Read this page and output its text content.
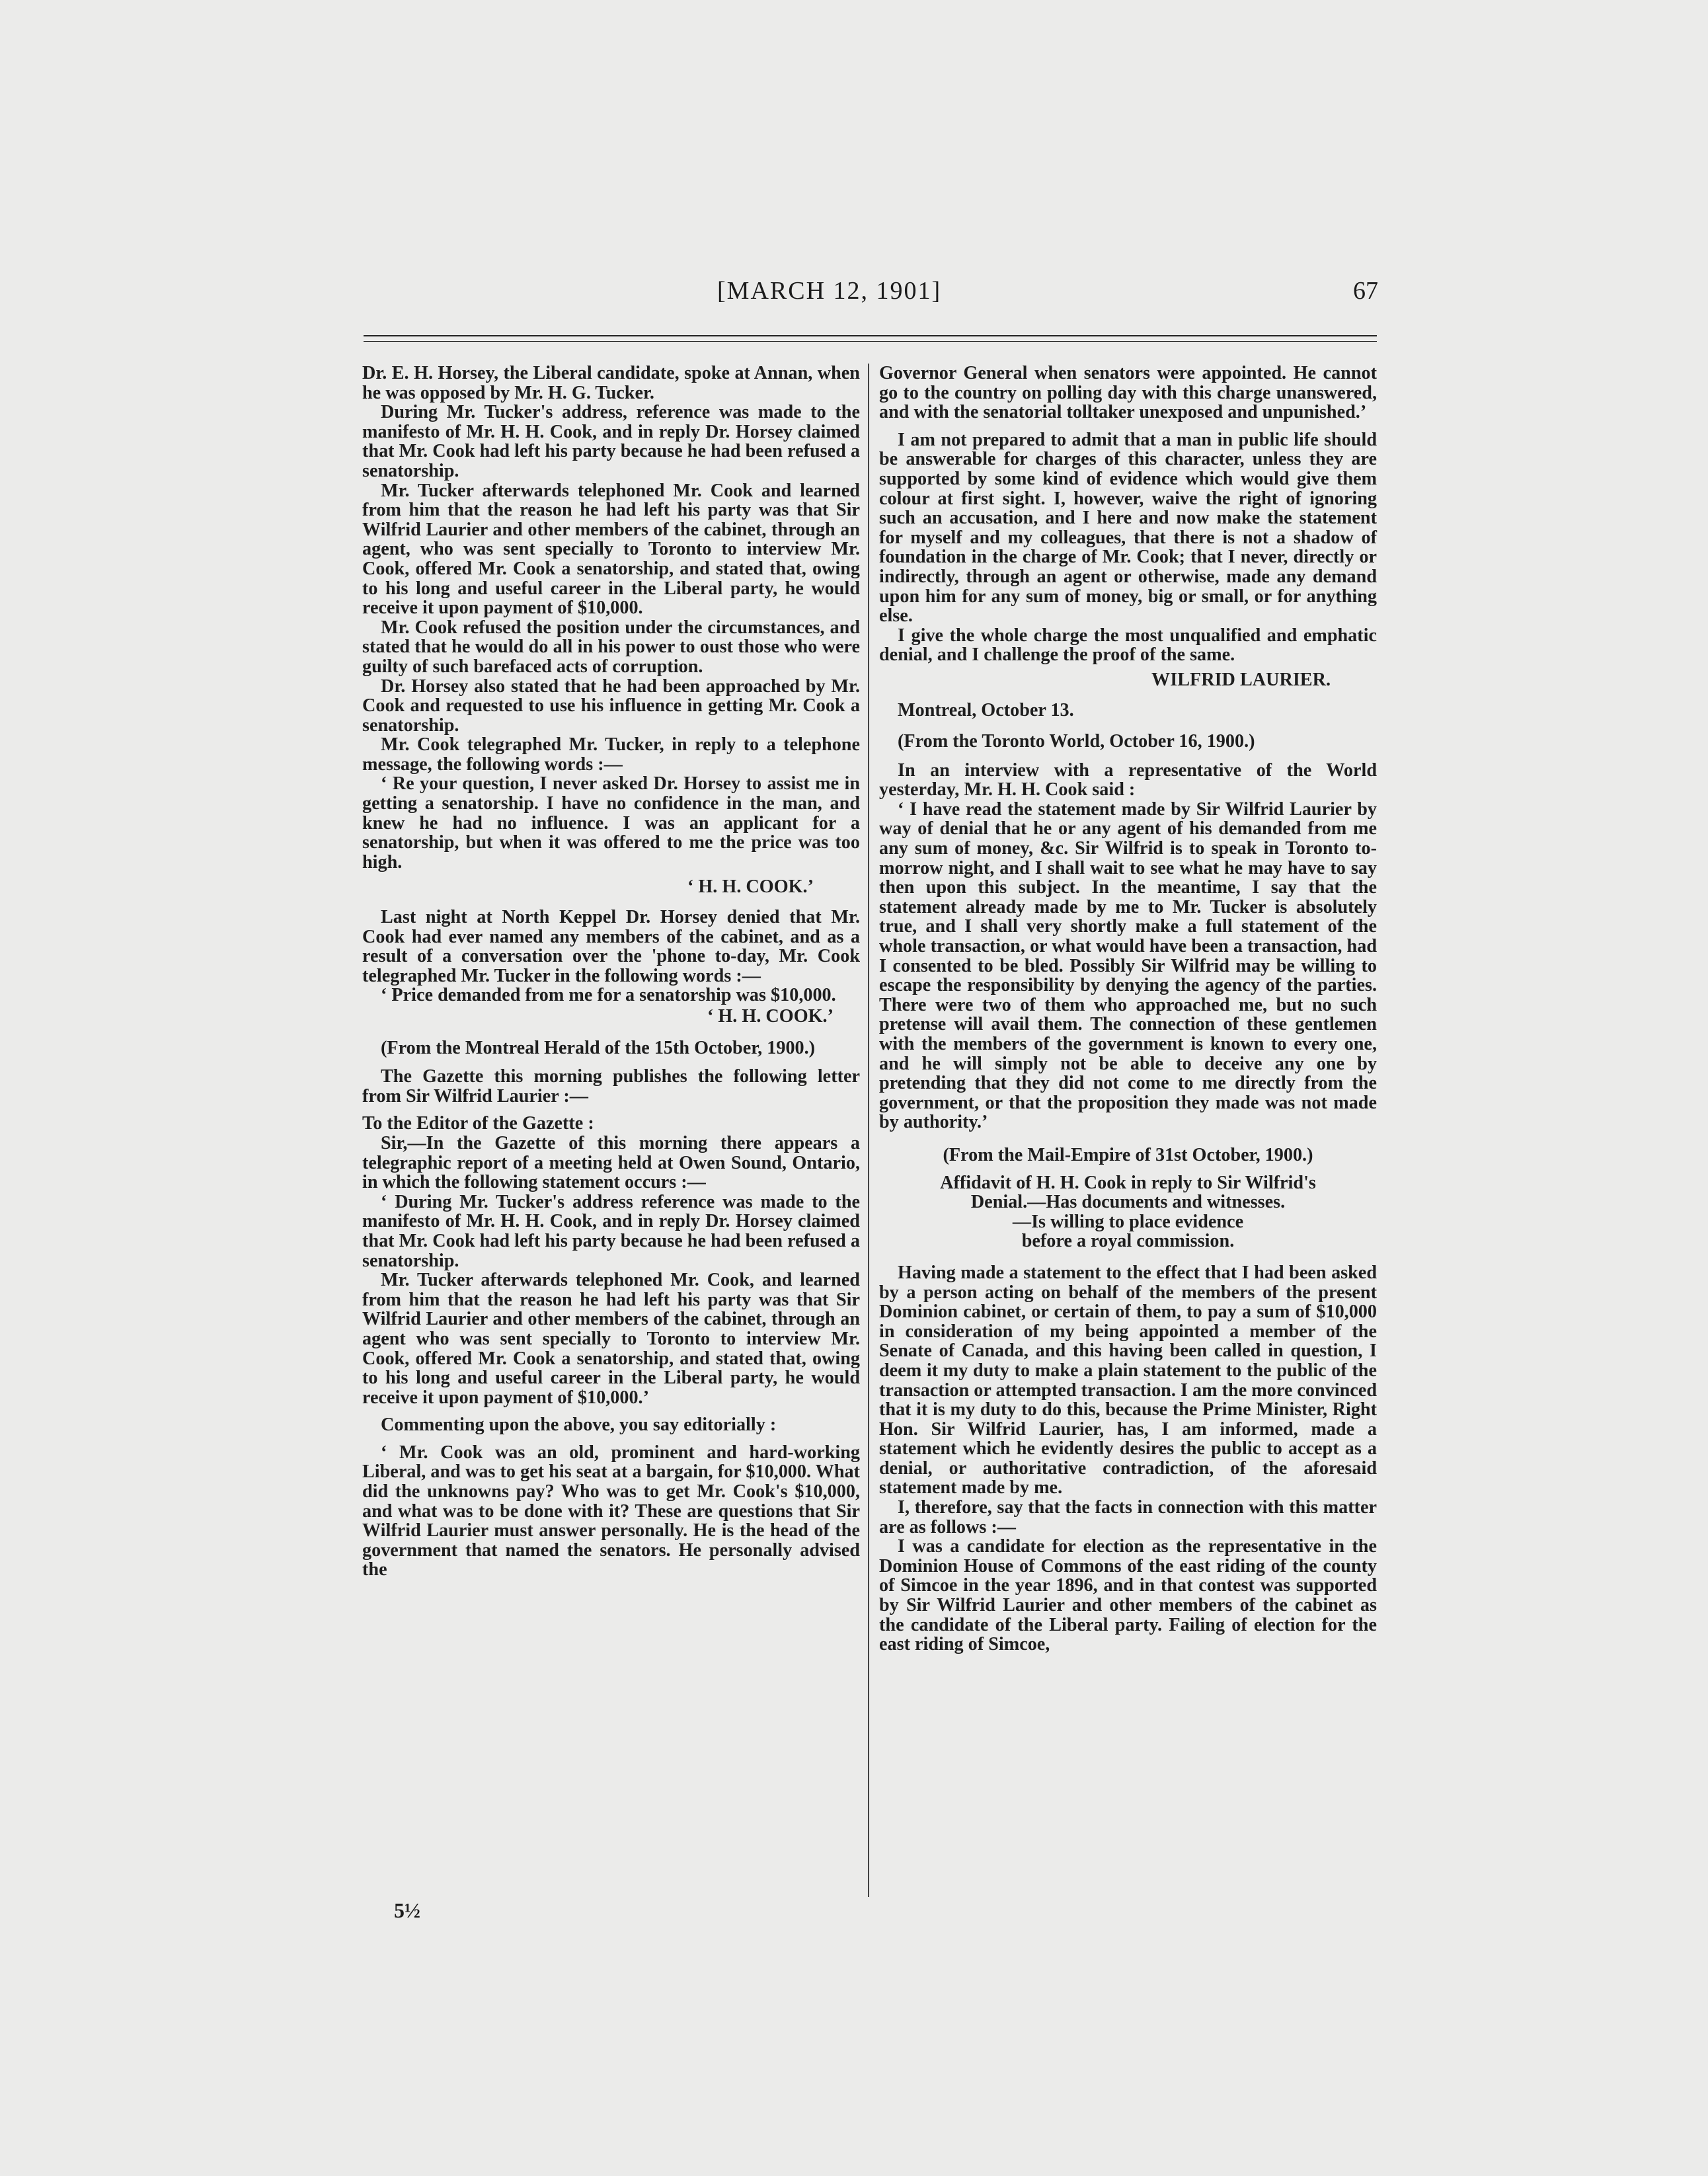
[MARCH 12, 1901]	67

Dr. E. H. Horsey, the Liberal candidate, spoke at Annan, when he was opposed by Mr. H. G. Tucker.

During Mr. Tucker's address, reference was made to the manifesto of Mr. H. H. Cook, and in reply Dr. Horsey claimed that Mr. Cook had left his party because he had been refused a senatorship.

Mr. Tucker afterwards telephoned Mr. Cook and learned from him that the reason he had left his party was that Sir Wilfrid Laurier and other members of the cabinet, through an agent, who was sent specially to Toronto to interview Mr. Cook, offered Mr. Cook a senatorship, and stated that, owing to his long and useful career in the Liberal party, he would receive it upon payment of $10,000.

Mr. Cook refused the position under the circumstances, and stated that he would do all in his power to oust those who were guilty of such barefaced acts of corruption.

Dr. Horsey also stated that he had been approached by Mr. Cook and requested to use his influence in getting Mr. Cook a senatorship.

Mr. Cook telegraphed Mr. Tucker, in reply to a telephone message, the following words :—

‘ Re your question, I never asked Dr. Horsey to assist me in getting a senatorship. I have no confidence in the man, and knew he had no influence. I was an applicant for a senatorship, but when it was offered to me the price was too high.

‘ H. H. COOK.’

Last night at North Keppel Dr. Horsey denied that Mr. Cook had ever named any members of the cabinet, and as a result of a conversation over the 'phone to-day, Mr. Cook telegraphed Mr. Tucker in the following words :—

‘ Price demanded from me for a senatorship was $10,000.

‘ H. H. COOK.’

(From the Montreal Herald of the 15th October, 1900.)

The Gazette this morning publishes the following letter from Sir Wilfrid Laurier :—

To the Editor of the Gazette :

Sir,—In the Gazette of this morning there appears a telegraphic report of a meeting held at Owen Sound, Ontario, in which the following statement occurs :—

‘ During Mr. Tucker's address reference was made to the manifesto of Mr. H. H. Cook, and in reply Dr. Horsey claimed that Mr. Cook had left his party because he had been refused a senatorship.

Mr. Tucker afterwards telephoned Mr. Cook, and learned from him that the reason he had left his party was that Sir Wilfrid Laurier and other members of the cabinet, through an agent who was sent specially to Toronto to interview Mr. Cook, offered Mr. Cook a senatorship, and stated that, owing to his long and useful career in the Liberal party, he would receive it upon payment of $10,000.’

Commenting upon the above, you say editorially :

‘ Mr. Cook was an old, prominent and hard-working Liberal, and was to get his seat at a bargain, for $10,000. What did the unknowns pay? Who was to get Mr. Cook's $10,000, and what was to be done with it? These are questions that Sir Wilfrid Laurier must answer personally. He is the head of the government that named the senators. He personally advised the

Governor General when senators were appointed. He cannot go to the country on polling day with this charge unanswered, and with the senatorial tolltaker unexposed and unpunished.’

I am not prepared to admit that a man in public life should be answerable for charges of this character, unless they are supported by some kind of evidence which would give them colour at first sight. I, however, waive the right of ignoring such an accusation, and I here and now make the statement for myself and my colleagues, that there is not a shadow of foundation in the charge of Mr. Cook; that I never, directly or indirectly, through an agent or otherwise, made any demand upon him for any sum of money, big or small, or for anything else.

I give the whole charge the most unqualified and emphatic denial, and I challenge the proof of the same.

WILFRID LAURIER.

Montreal, October 13.

(From the Toronto World, October 16, 1900.)

In an interview with a representative of the World yesterday, Mr. H. H. Cook said :

‘ I have read the statement made by Sir Wilfrid Laurier by way of denial that he or any agent of his demanded from me any sum of money, &c. Sir Wilfrid is to speak in Toronto to-morrow night, and I shall wait to see what he may have to say then upon this subject. In the meantime, I say that the statement already made by me to Mr. Tucker is absolutely true, and I shall very shortly make a full statement of the whole transaction, or what would have been a transaction, had I consented to be bled. Possibly Sir Wilfrid may be willing to escape the responsibility by denying the agency of the parties. There were two of them who approached me, but no such pretense will avail them. The connection of these gentlemen with the members of the government is known to every one, and he will simply not be able to deceive any one by pretending that they did not come to me directly from the government, or that the proposition they made was not made by authority.’

(From the Mail-Empire of 31st October, 1900.)

Affidavit of H. H. Cook in reply to Sir Wilfrid's
Denial.—Has documents and witnesses.
—Is willing to place evidence
before a royal commission.

Having made a statement to the effect that I had been asked by a person acting on behalf of the members of the present Dominion cabinet, or certain of them, to pay a sum of $10,000 in consideration of my being appointed a member of the Senate of Canada, and this having been called in question, I deem it my duty to make a plain statement to the public of the transaction or attempted transaction. I am the more convinced that it is my duty to do this, because the Prime Minister, Right Hon. Sir Wilfrid Laurier, has, I am informed, made a statement which he evidently desires the public to accept as a denial, or authoritative contradiction, of the aforesaid statement made by me.

I, therefore, say that the facts in connection with this matter are as follows :—

I was a candidate for election as the representative in the Dominion House of Commons of the east riding of the county of Simcoe in the year 1896, and in that contest was supported by Sir Wilfrid Laurier and other members of the cabinet as the candidate of the Liberal party. Failing of election for the east riding of Simcoe,

5½
